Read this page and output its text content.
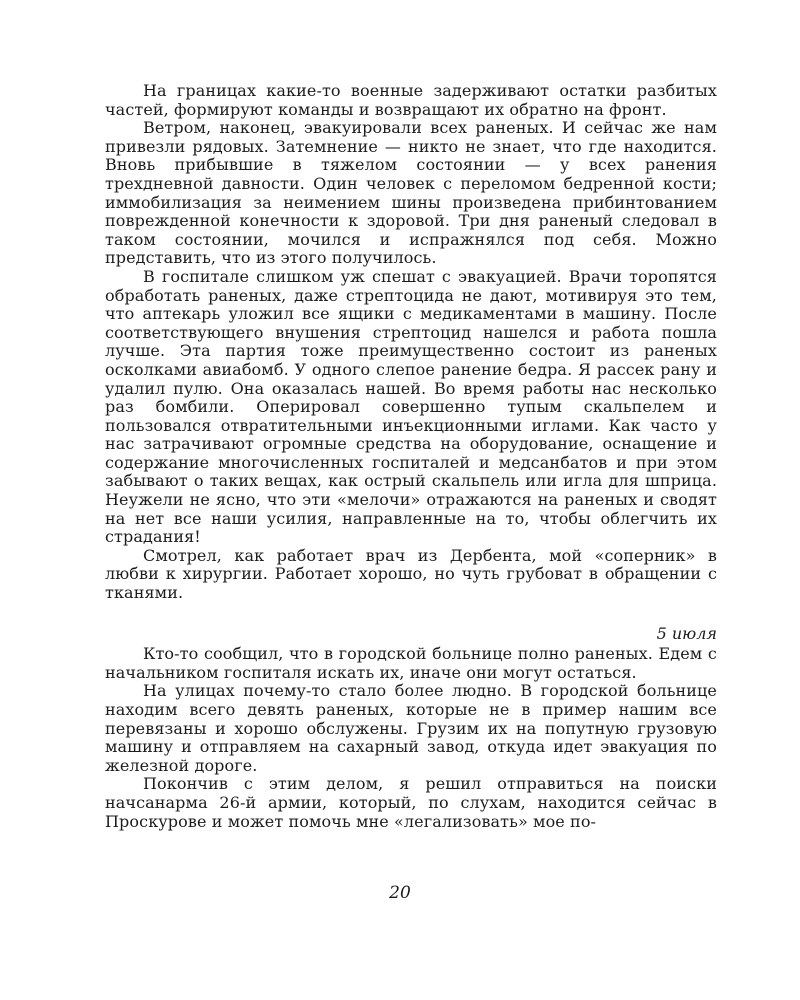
На границах какие-то военные задерживают остатки разбитых частей, формируют команды и возвращают их обратно на фронт.

Ветром, наконец, эвакуировали всех раненых. И сейчас же нам привезли рядовых. Затемнение — никто не знает, что где находится. Вновь прибывшие в тяжелом состоянии — у всех ранения трехдневной давности. Один человек с переломом бедренной кости; иммобилизация за неимением шины произведена прибинтованием поврежденной конечности к здоровой. Три дня раненый следовал в таком состоянии, мочился и испражнялся под себя. Можно представить, что из этого получилось.

В госпитале слишком уж спешат с эвакуацией. Врачи торопятся обработать раненых, даже стрептоцида не дают, мотивируя это тем, что аптекарь уложил все ящики с медикаментами в машину. После соответствующего внушения стрептоцид нашелся и работа пошла лучше. Эта партия тоже преимущественно состоит из раненых осколками авиабомб. У одного слепое ранение бедра. Я рассек рану и удалил пулю. Она оказалась нашей. Во время работы нас несколько раз бомбили. Оперировал совершенно тупым скальпелем и пользовался отвратительными инъекционными иглами. Как часто у нас затрачивают огромные средства на оборудование, оснащение и содержание многочисленных госпиталей и медсанбатов и при этом забывают о таких вещах, как острый скальпель или игла для шприца. Неужели не ясно, что эти «мелочи» отражаются на раненых и сводят на нет все наши усилия, направленные на то, чтобы облегчить их страдания!

Смотрел, как работает врач из Дербента, мой «соперник» в любви к хирургии. Работает хорошо, но чуть грубоват в обращении с тканями.

5 июля

Кто-то сообщил, что в городской больнице полно раненых. Едем с начальником госпиталя искать их, иначе они могут остаться.

На улицах почему-то стало более людно. В городской больнице находим всего девять раненых, которые не в пример нашим все перевязаны и хорошо обслужены. Грузим их на попутную грузовую машину и отправляем на сахарный завод, откуда идет эвакуация по железной дороге.

Покончив с этим делом, я решил отправиться на поиски начсанарма 26-й армии, который, по слухам, находится сейчас в Проскурове и может помочь мне «легализовать» мое по-

20
